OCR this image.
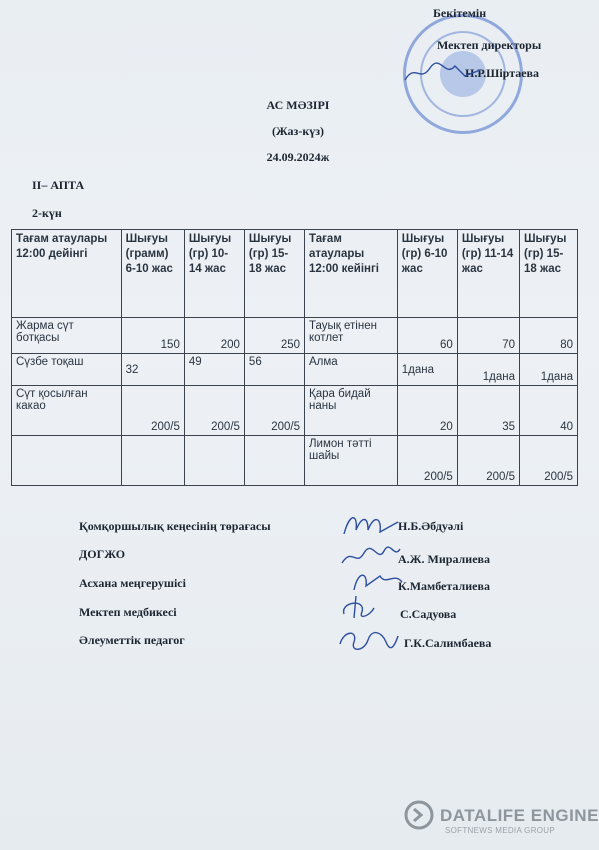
Бекітемін
Мектеп директоры
Н.Р.Шіртаева
АС МӘЗІРІ
(Жаз-күз)
24.09.2024ж
ІІ– АПТА
2-күн
Тағам атаулары 12:00 дейінгі	Шығуы (грамм) 6-10 жас	Шығуы (гр) 10-14 жас	Шығуы (гр) 15-18 жас	Тағам атаулары 12:00 кейінгі	Шығуы (гр) 6-10 жас	Шығуы (гр) 11-14 жас	Шығуы (гр) 15-18 жас
Жарма сүт ботқасы	150	200	250	Тауық етінен котлет	60	70	80
Сүзбе тоқаш	32	49	56	Алма	1дана	1дана	1дана
Сүт қосылған какао	200/5	200/5	200/5	Қара бидай наны	20	35	40
				Лимон тәтті шайы	200/5	200/5	200/5
Қомқоршылық кеңесінің төрағасы	Н.Б.Әбдуәлі
ДОГЖО	А.Ж. Миралиева
Асхана меңгерушісі	К.Мамбеталиева
Мектеп медбикесі	С.Садуова
Әлеуметтік педагог	Г.К.Салимбаева
DATALIFE ENGINE
SOFTNEWS MEDIA GROUP
